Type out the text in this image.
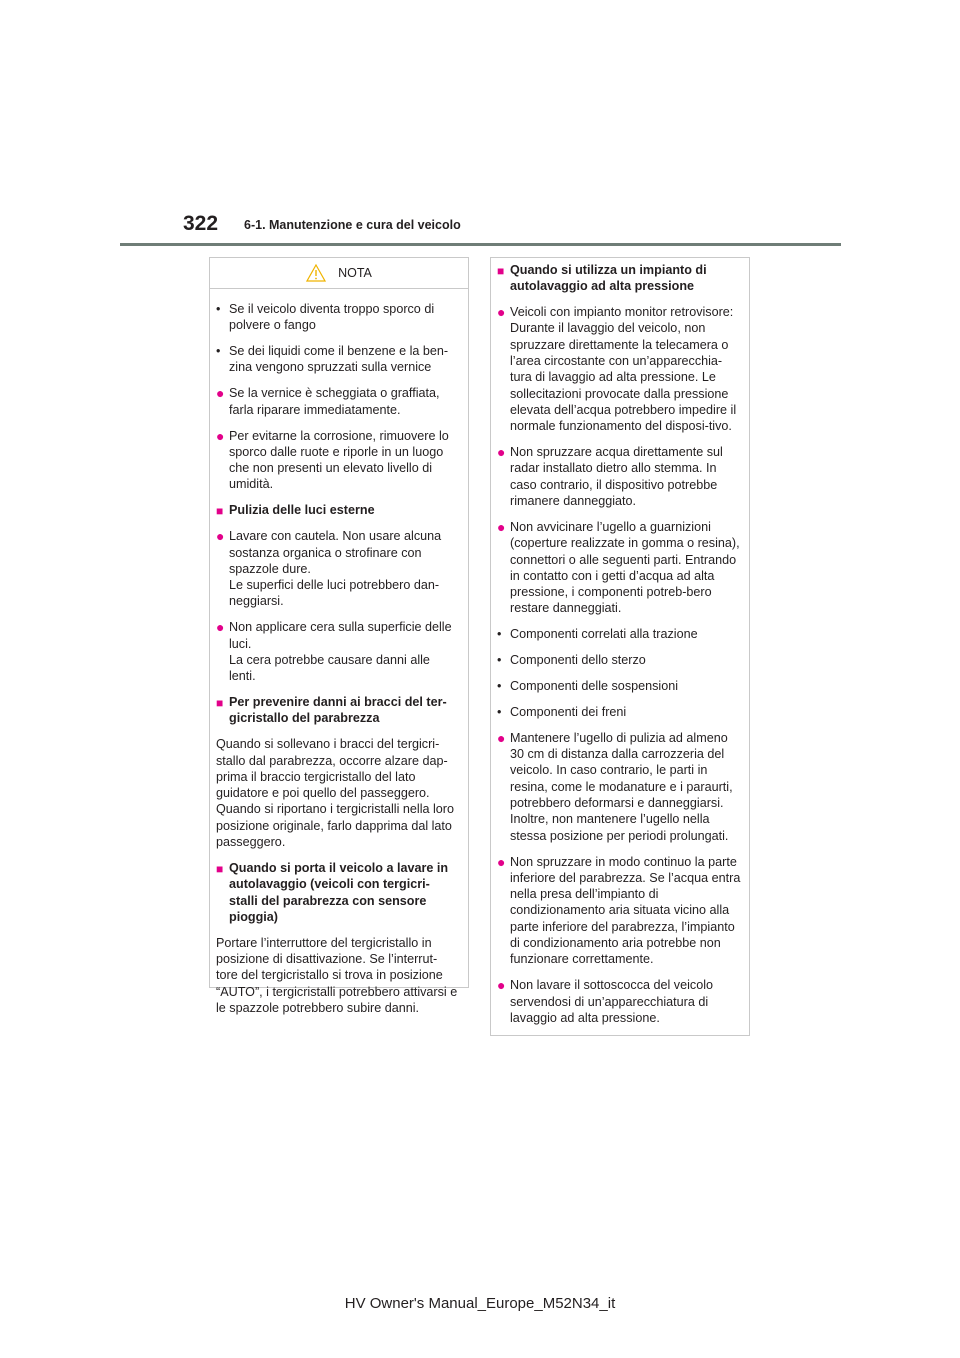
322 6-1. Manutenzione e cura del veicolo
NOTA
• Se il veicolo diventa troppo sporco di polvere o fango
• Se dei liquidi come il benzene e la ben-zina vengono spruzzati sulla vernice
● Se la vernice è scheggiata o graffiata, farla riparare immediatamente.
● Per evitarne la corrosione, rimuovere lo sporco dalle ruote e riporle in un luogo che non presenti un elevato livello di umidità.
■ Pulizia delle luci esterne
● Lavare con cautela. Non usare alcuna sostanza organica o strofinare con spazzole dure.
Le superfici delle luci potrebbero dan-neggiarsi.
● Non applicare cera sulla superficie delle luci.
La cera potrebbe causare danni alle lenti.
■ Per prevenire danni ai bracci del ter-gicristallo del parabrezza

Quando si sollevano i bracci del tergicri-stallo dal parabrezza, occorre alzare dap-prima il braccio tergicristallo del lato guidatore e poi quello del passeggero. Quando si riportano i tergicristalli nella loro posizione originale, farlo dapprima dal lato passeggero.

■ Quando si porta il veicolo a lavare in autolavaggio (veicoli con tergicri-stalli del parabrezza con sensore pioggia)

Portare l’interruttore del tergicristallo in posizione di disattivazione. Se l’interrut-tore del tergicristallo si trova in posizione “AUTO”, i tergicristalli potrebbero attivarsi e le spazzole potrebbero subire danni.

■ Quando si utilizza un impianto di autolavaggio ad alta pressione
● Veicoli con impianto monitor retrovisore: Durante il lavaggio del veicolo, non spruzzare direttamente la telecamera o l’area circostante con un’apparecchia-tura di lavaggio ad alta pressione. Le sollecitazioni provocate dalla pressione elevata dell’acqua potrebbero impedire il normale funzionamento del disposi-tivo.
● Non spruzzare acqua direttamente sul radar installato dietro allo stemma. In caso contrario, il dispositivo potrebbe rimanere danneggiato.
● Non avvicinare l’ugello a guarnizioni (coperture realizzate in gomma o resina), connettori o alle seguenti parti. Entrando in contatto con i getti d’acqua ad alta pressione, i componenti potreb-bero restare danneggiati.
• Componenti correlati alla trazione
• Componenti dello sterzo
• Componenti delle sospensioni
• Componenti dei freni
● Mantenere l’ugello di pulizia ad almeno 30 cm di distanza dalla carrozzeria del veicolo. In caso contrario, le parti in resina, come le modanature e i paraurti, potrebbero deformarsi e danneggiarsi. Inoltre, non mantenere l’ugello nella stessa posizione per periodi prolungati.
● Non spruzzare in modo continuo la parte inferiore del parabrezza. Se l’acqua entra nella presa dell’impianto di condizionamento aria situata vicino alla parte inferiore del parabrezza, l’impianto di condizionamento aria potrebbe non funzionare correttamente.
● Non lavare il sottoscocca del veicolo servendosi di un’apparecchiatura di lavaggio ad alta pressione.
HV Owner's Manual_Europe_M52N34_it
